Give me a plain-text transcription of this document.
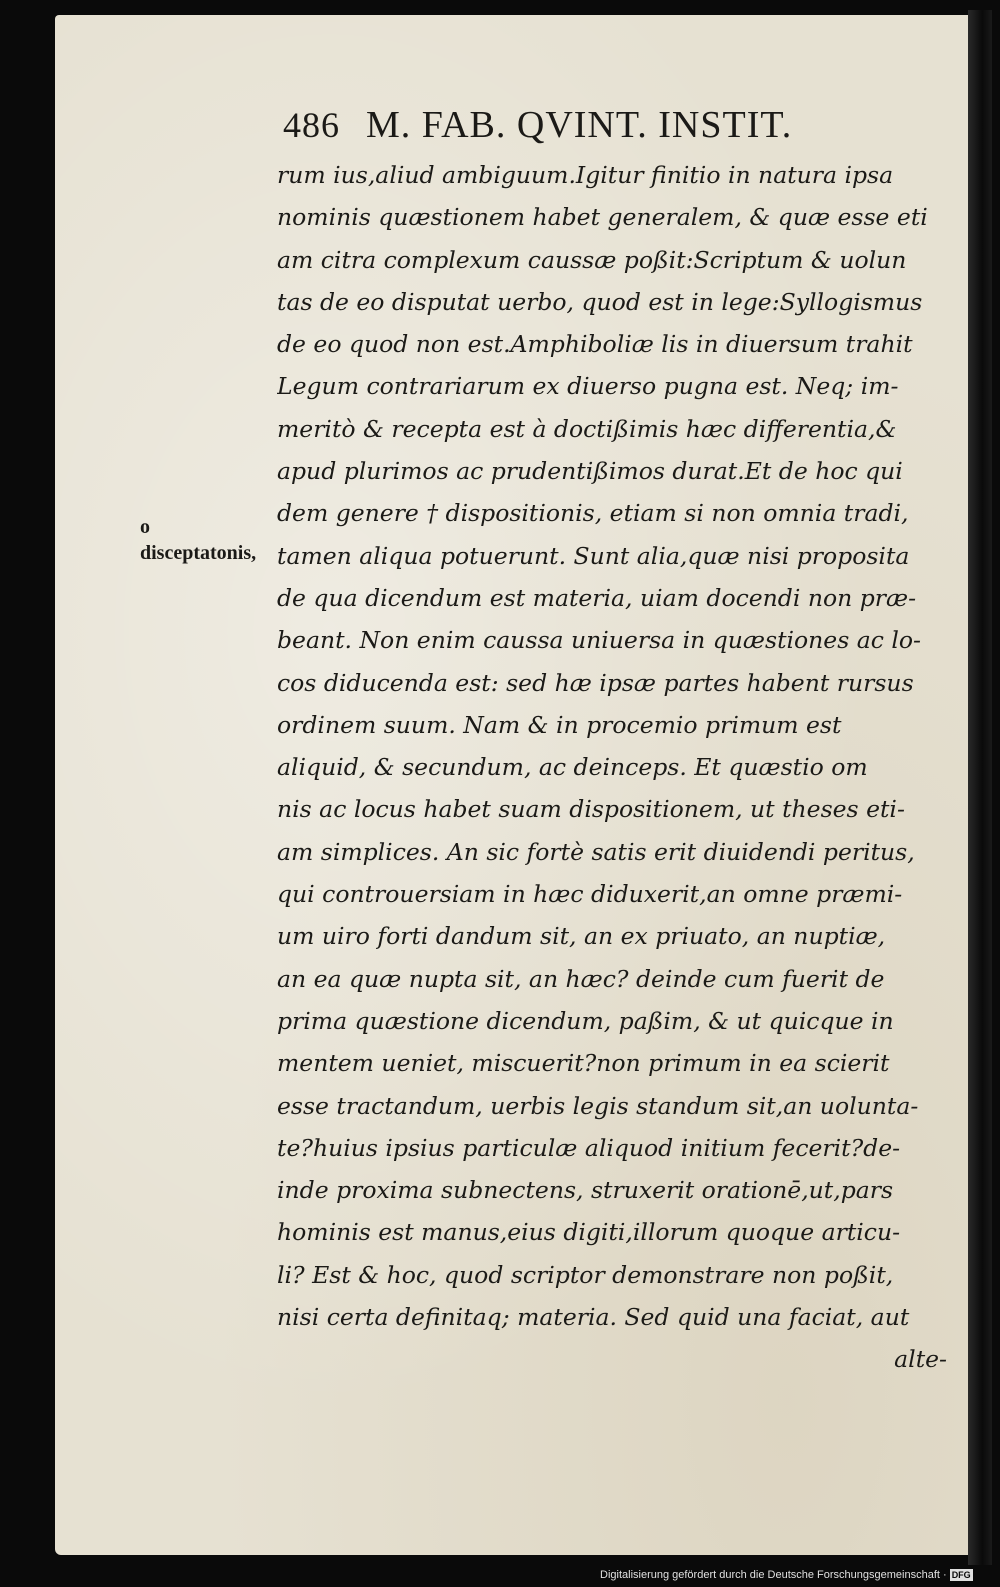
486 M. FAB. QVINT. INSTIT.
o disceptatonis,
rum ius,aliud ambiguum.Igitur finitio in natura ipsa
nominis quæstionem habet generalem, & quæ esse eti
am citra complexum caussæ poßit:Scriptum & uolun
tas de eo disputat uerbo, quod est in lege:Syllogismus
de eo quod non est.Amphiboliæ lis in diuersum trahit
Legum contrariarum ex diuerso pugna est. Neq; im-
meritò & recepta est à doctißimis hæc differentia,&
apud plurimos ac prudentißimos durat.Et de hoc qui
dem genere † dispositionis, etiam si non omnia tradi,
tamen aliqua potuerunt. Sunt alia,quæ nisi proposita
de qua dicendum est materia, uiam docendi non præ-
beant. Non enim caussa uniuersa in quæstiones ac lo-
cos diducenda est: sed hæ ipsæ partes habent rursus
ordinem suum. Nam & in procemio primum est
aliquid, & secundum, ac deinceps. Et quæstio om
nis ac locus habet suam dispositionem, ut theses eti-
am simplices. An sic fortè satis erit diuidendi peritus,
qui controuersiam in hæc diduxerit,an omne præmi-
um uiro forti dandum sit, an ex priuato, an nuptiæ,
an ea quæ nupta sit, an hæc? deinde cum fuerit de
prima quæstione dicendum, paßim, & ut quicque in
mentem ueniet, miscuerit?non primum in ea scierit
esse tractandum, uerbis legis standum sit,an uolunta-
te?huius ipsius particulæ aliquod initium fecerit?de-
inde proxima subnectens, struxerit orationē,ut,pars
hominis est manus,eius digiti,illorum quoque articu-
li? Est & hoc, quod scriptor demonstrare non poßit,
nisi certa definitaq; materia. Sed quid una faciat, aut
alte-
Digitalisierung gefördert durch die Deutsche Forschungsgemeinschaft · DFG
